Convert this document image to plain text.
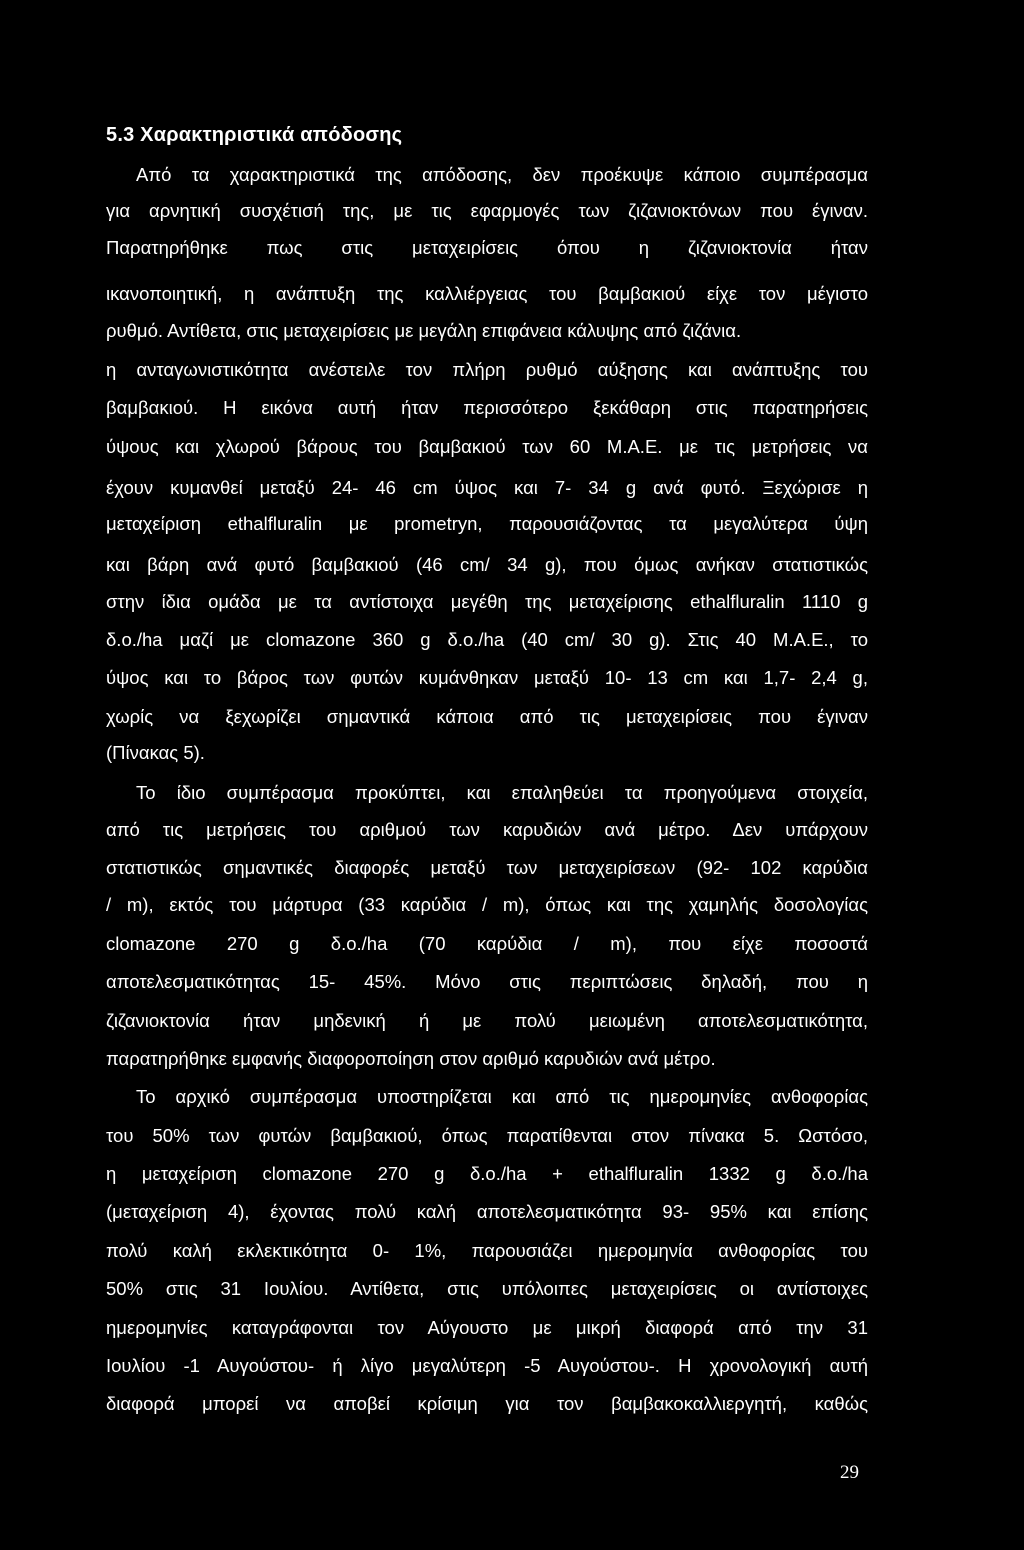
5.3 Χαρακτηριστικά απόδοσης
Από τα χαρακτηριστικά της απόδοσης, δεν προέκυψε κάποιο συμπέρασμα
για αρνητική συσχέτισή της, με τις εφαρμογές των ζιζανιοκτόνων που έγιναν.
Παρατηρήθηκε πως στις μεταχειρίσεις όπου η ζιζανιοκτονία ήταν
ικανοποιητική, η ανάπτυξη της καλλιέργειας του βαμβακιού είχε τον μέγιστο
ρυθμό. Αντίθετα, στις μεταχειρίσεις με μεγάλη επιφάνεια κάλυψης από ζιζάνια.
η ανταγωνιστικότητα ανέστειλε τον πλήρη ρυθμό αύξησης και ανάπτυξης του
βαμβακιού. Η εικόνα αυτή ήταν περισσότερο ξεκάθαρη στις παρατηρήσεις
ύψους και χλωρού βάρους του βαμβακιού των 60 Μ.Α.Ε. με τις μετρήσεις να
έχουν κυμανθεί μεταξύ 24- 46 cm ύψος και 7- 34 g ανά φυτό. Ξεχώρισε η
μεταχείριση ethalfluralin με prometryn, παρουσιάζοντας τα μεγαλύτερα ύψη
και βάρη ανά φυτό βαμβακιού (46 cm/ 34 g), που όμως ανήκαν στατιστικώς
στην ίδια ομάδα με τα αντίστοιχα μεγέθη της μεταχείρισης ethalfluralin 1110 g
δ.ο./ha μαζί με clomazone 360 g δ.ο./ha (40 cm/ 30 g). Στις 40 Μ.Α.Ε., το
ύψος και το βάρος των φυτών κυμάνθηκαν μεταξύ 10- 13 cm και 1,7- 2,4 g,
χωρίς να ξεχωρίζει σημαντικά κάποια από τις μεταχειρίσεις που έγιναν
(Πίνακας 5).
Το ίδιο συμπέρασμα προκύπτει, και επαληθεύει τα προηγούμενα στοιχεία,
από τις μετρήσεις του αριθμού των καρυδιών ανά μέτρο. Δεν υπάρχουν
στατιστικώς σημαντικές διαφορές μεταξύ των μεταχειρίσεων (92- 102 καρύδια
/ m), εκτός του μάρτυρα (33 καρύδια / m), όπως και της χαμηλής δοσολογίας
clomazone 270 g δ.ο./ha (70 καρύδια / m), που είχε ποσοστά
αποτελεσματικότητας 15- 45%. Μόνο στις περιπτώσεις δηλαδή, που η
ζιζανιοκτονία ήταν μηδενική ή με πολύ μειωμένη αποτελεσματικότητα,
παρατηρήθηκε εμφανής διαφοροποίηση στον αριθμό καρυδιών ανά μέτρο.
Το αρχικό συμπέρασμα υποστηρίζεται και από τις ημερομηνίες ανθοφορίας
του 50% των φυτών βαμβακιού, όπως παρατίθενται στον πίνακα 5. Ωστόσο,
η μεταχείριση clomazone 270 g δ.ο./ha + ethalfluralin 1332 g δ.ο./ha
(μεταχείριση 4), έχοντας πολύ καλή αποτελεσματικότητα 93- 95% και επίσης
πολύ καλή εκλεκτικότητα 0- 1%, παρουσιάζει ημερομηνία ανθοφορίας του
50% στις 31 Ιουλίου. Αντίθετα, στις υπόλοιπες μεταχειρίσεις οι αντίστοιχες
ημερομηνίες καταγράφονται τον Αύγουστο με μικρή διαφορά από την 31
Ιουλίου -1 Αυγούστου- ή λίγο μεγαλύτερη -5 Αυγούστου-. Η χρονολογική αυτή
διαφορά μπορεί να αποβεί κρίσιμη για τον βαμβακοκαλλιεργητή, καθώς
29
